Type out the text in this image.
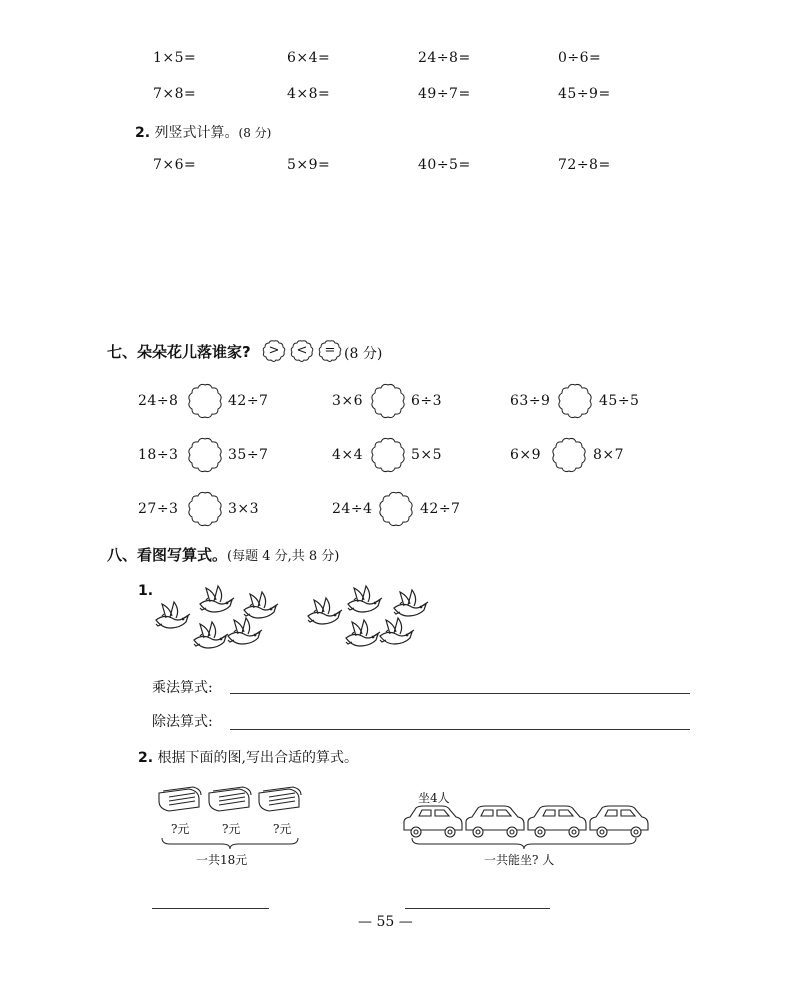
1×5=	6×4=	24÷8=	0÷6=
7×8=	4×8=	49÷7=	45÷9=
2. 列竖式计算。(8 分)
7×6=	5×9=	40÷5=	72÷8=
七、朵朵花儿落谁家?	>	<	= (8 分)
24÷8	42÷7	3×6	6÷3	63÷9	45÷5
18÷3	35÷7	4×4	5×5	6×9	8×7
27÷3	3×3	24÷4	42÷7
八、看图写算式。(每题 4 分,共 8 分)
1.
乘法算式:
除法算式:
2. 根据下面的图,写出合适的算式。
?元	?元	?元
一共18元
坐4人
一共能坐? 人
— 55 —
